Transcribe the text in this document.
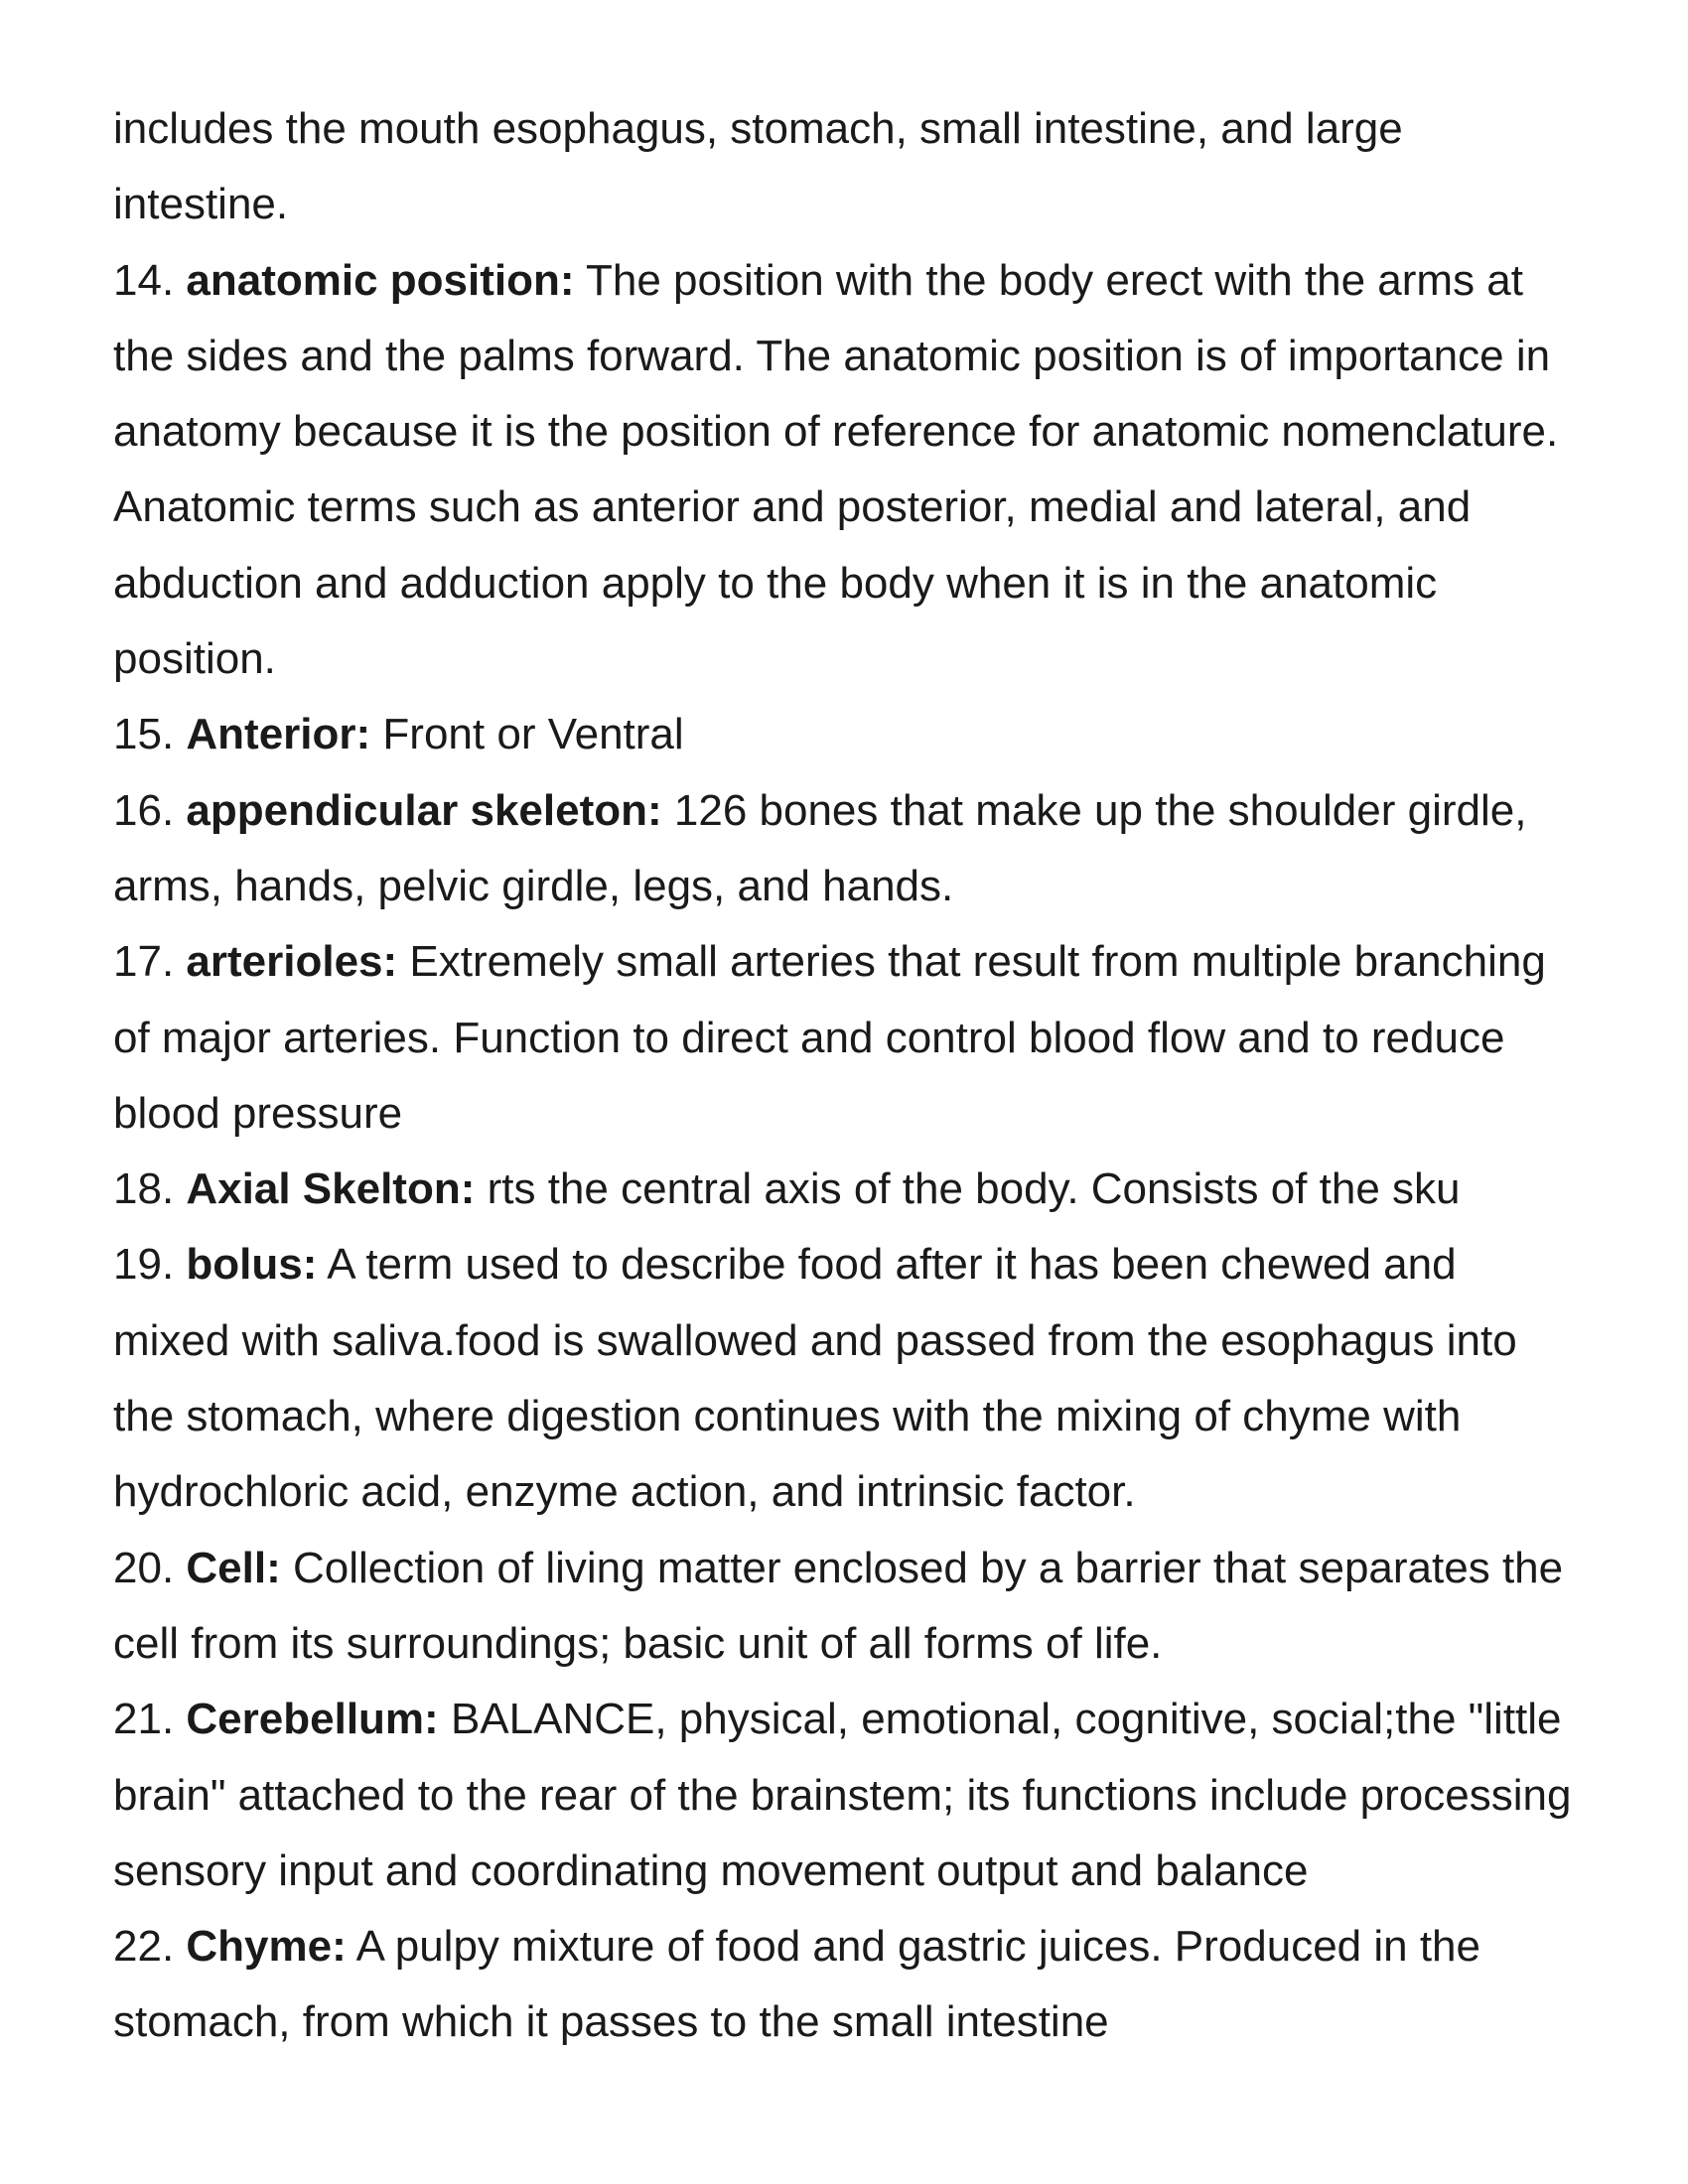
includes the mouth esophagus, stomach, small intestine, and large intestine.

14. anatomic position: The position with the body erect with the arms at the sides and the palms forward. The anatomic position is of importance in anatomy because it is the position of reference for anatomic nomenclature. Anatomic terms such as anterior and posterior, medial and lateral, and abduction and adduction apply to the body when it is in the anatomic position.

15. Anterior: Front or Ventral

16. appendicular skeleton: 126 bones that make up the shoulder girdle, arms, hands, pelvic girdle, legs, and hands.

17. arterioles: Extremely small arteries that result from multiple branching of major arteries. Function to direct and control blood flow and to reduce blood pressure

18. Axial Skelton: rts the central axis of the body. Consists of the sku

19. bolus: A term used to describe food after it has been chewed and mixed with saliva.food is swallowed and passed from the esophagus into the stomach, where digestion continues with the mixing of chyme with hydrochloric acid, enzyme action, and intrinsic factor.

20. Cell: Collection of living matter enclosed by a barrier that separates the cell from its surroundings; basic unit of all forms of life.

21. Cerebellum: BALANCE, physical, emotional, cognitive, social;the "little brain" attached to the rear of the brainstem; its functions include processing sensory input and coordinating movement output and balance

22. Chyme: A pulpy mixture of food and gastric juices. Produced in the stomach, from which it passes to the small intestine
